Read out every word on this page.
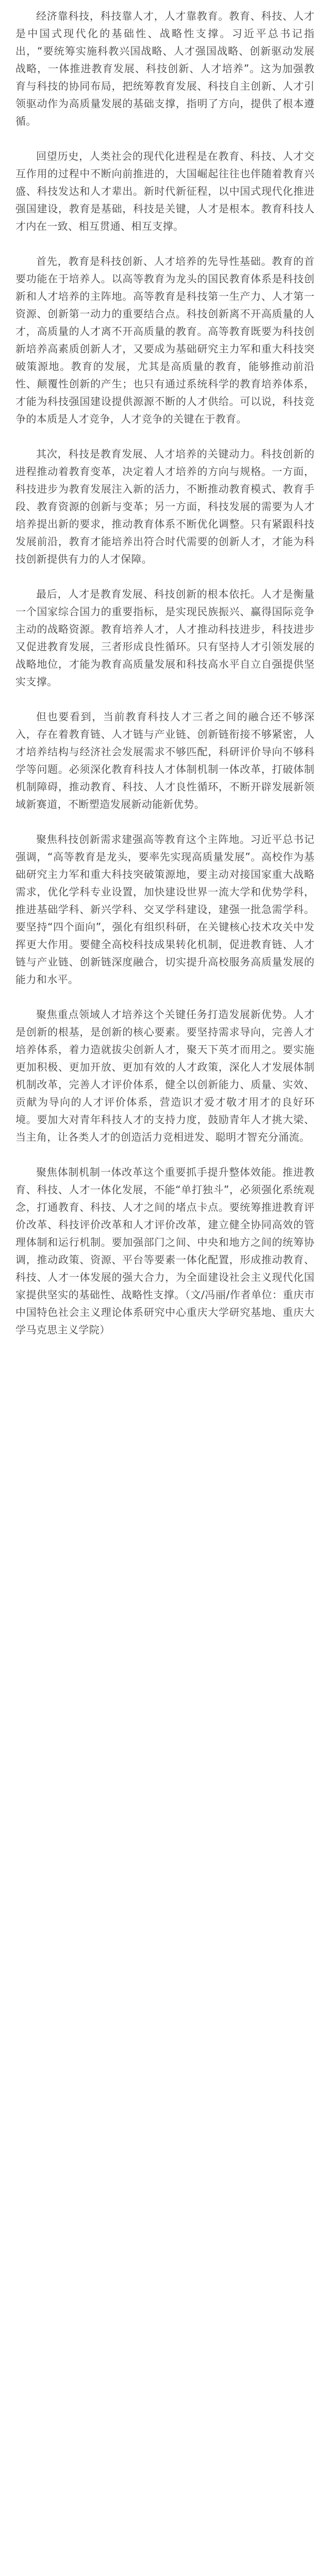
经济靠科技，科技靠人才，人才靠教育。教育、科技、人才是中国式现代化的基础性、战略性支撑。习近平总书记指出，“要统筹实施科教兴国战略、人才强国战略、创新驱动发展战略，一体推进教育发展、科技创新、人才培养”。这为加强教育与科技的协同布局，把统筹教育发展、科技自主创新、人才引领驱动作为高质量发展的基础支撑，指明了方向，提供了根本遵循。

回望历史，人类社会的现代化进程是在教育、科技、人才交互作用的过程中不断向前推进的，大国崛起往往也伴随着教育兴盛、科技发达和人才辈出。新时代新征程，以中国式现代化推进强国建设，教育是基础，科技是关键，人才是根本。教育科技人才内在一致、相互贯通、相互支撑。

首先，教育是科技创新、人才培养的先导性基础。教育的首要功能在于培养人。以高等教育为龙头的国民教育体系是科技创新和人才培养的主阵地。高等教育是科技第一生产力、人才第一资源、创新第一动力的重要结合点。科技创新离不开高质量的人才，高质量的人才离不开高质量的教育。高等教育既要为科技创新培养高素质创新人才，又要成为基础研究主力军和重大科技突破策源地。教育的发展，尤其是高质量的教育，能够推动前沿性、颠覆性创新的产生；也只有通过系统科学的教育培养体系，才能为科技强国建设提供源源不断的人才供给。可以说，科技竞争的本质是人才竞争，人才竞争的关键在于教育。

其次，科技是教育发展、人才培养的关键动力。科技创新的进程推动着教育变革，决定着人才培养的方向与规格。一方面，科技进步为教育发展注入新的活力，不断推动教育模式、教育手段、教育资源的创新与变革；另一方面，科技发展的需要为人才培养提出新的要求，推动教育体系不断优化调整。只有紧跟科技发展前沿，教育才能培养出符合时代需要的创新人才，才能为科技创新提供有力的人才保障。

最后，人才是教育发展、科技创新的根本依托。人才是衡量一个国家综合国力的重要指标，是实现民族振兴、赢得国际竞争主动的战略资源。教育培养人才，人才推动科技进步，科技进步又促进教育发展，三者形成良性循环。只有坚持人才引领发展的战略地位，才能为教育高质量发展和科技高水平自立自强提供坚实支撑。

但也要看到，当前教育科技人才三者之间的融合还不够深入，存在着教育链、人才链与产业链、创新链衔接不够紧密，人才培养结构与经济社会发展需求不够匹配，科研评价导向不够科学等问题。必须深化教育科技人才体制机制一体改革，打破体制机制障碍，推动教育、科技、人才良性循环，不断开辟发展新领域新赛道，不断塑造发展新动能新优势。

聚焦科技创新需求建强高等教育这个主阵地。习近平总书记强调，“高等教育是龙头，要率先实现高质量发展”。高校作为基础研究主力军和重大科技突破策源地，要主动对接国家重大战略需求，优化学科专业设置，加快建设世界一流大学和优势学科，推进基础学科、新兴学科、交叉学科建设，建强一批急需学科。要坚持“四个面向”，强化有组织科研，在关键核心技术攻关中发挥更大作用。要健全高校科技成果转化机制，促进教育链、人才链与产业链、创新链深度融合，切实提升高校服务高质量发展的能力和水平。

聚焦重点领域人才培养这个关键任务打造发展新优势。人才是创新的根基，是创新的核心要素。要坚持需求导向，完善人才培养体系，着力造就拔尖创新人才，聚天下英才而用之。要实施更加积极、更加开放、更加有效的人才政策，深化人才发展体制机制改革，完善人才评价体系，健全以创新能力、质量、实效、贡献为导向的人才评价体系，营造识才爱才敬才用才的良好环境。要加大对青年科技人才的支持力度，鼓励青年人才挑大梁、当主角，让各类人才的创造活力竞相迸发、聪明才智充分涌流。

聚焦体制机制一体改革这个重要抓手提升整体效能。推进教育、科技、人才一体化发展，不能“单打独斗”，必须强化系统观念，打通教育、科技、人才之间的堵点卡点。要统筹推进教育评价改革、科技评价改革和人才评价改革，建立健全协同高效的管理体制和运行机制。要加强部门之间、中央和地方之间的统筹协调，推动政策、资源、平台等要素一体化配置，形成推动教育、科技、人才一体发展的强大合力，为全面建设社会主义现代化国家提供坚实的基础性、战略性支撑。（文/冯丽/作者单位：重庆市中国特色社会主义理论体系研究中心重庆大学研究基地、重庆大学马克思主义学院）
